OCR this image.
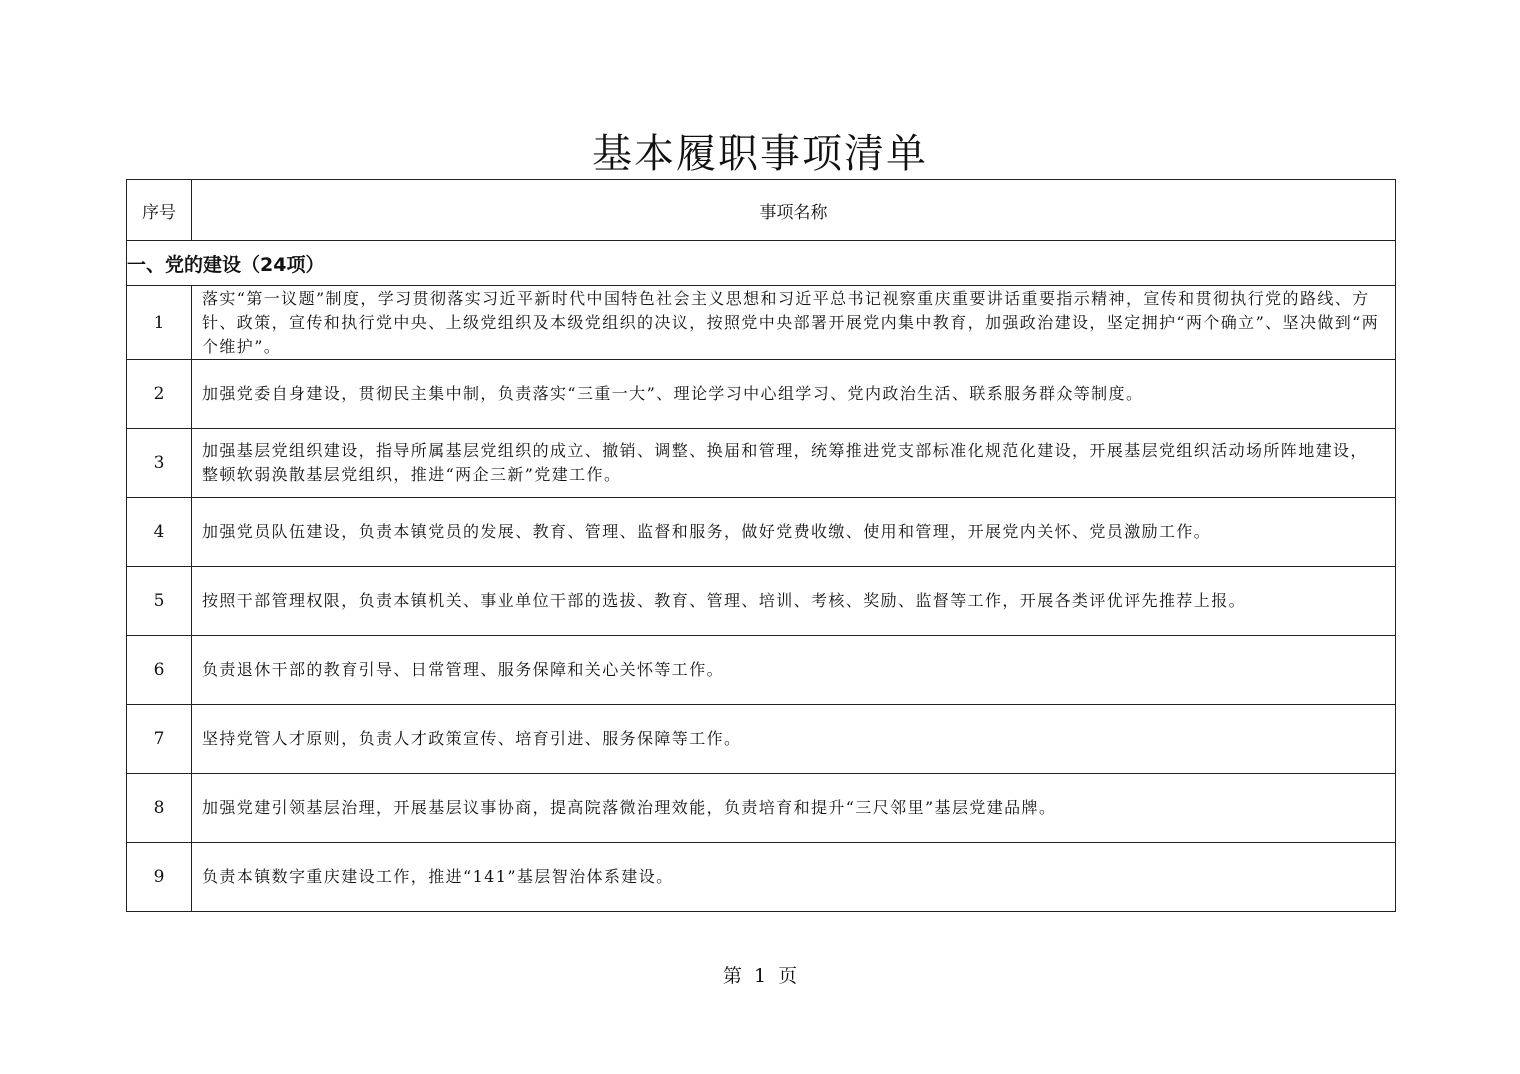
基本履职事项清单
序号	事项名称
一、党的建设（24项）	
1	落实“第一议题”制度，学习贯彻落实习近平新时代中国特色社会主义思想和习近平总书记视察重庆重要讲话重要指示精神，宣传和贯彻执行党的路线、方针、政策，宣传和执行党中央、上级党组织及本级党组织的决议，按照党中央部署开展党内集中教育，加强政治建设，坚定拥护“两个确立”、坚决做到“两个维护”。
2	加强党委自身建设，贯彻民主集中制，负责落实“三重一大”、理论学习中心组学习、党内政治生活、联系服务群众等制度。
3	加强基层党组织建设，指导所属基层党组织的成立、撤销、调整、换届和管理，统筹推进党支部标准化规范化建设，开展基层党组织活动场所阵地建设，整顿软弱涣散基层党组织，推进“两企三新”党建工作。
4	加强党员队伍建设，负责本镇党员的发展、教育、管理、监督和服务，做好党费收缴、使用和管理，开展党内关怀、党员激励工作。
5	按照干部管理权限，负责本镇机关、事业单位干部的选拔、教育、管理、培训、考核、奖励、监督等工作，开展各类评优评先推荐上报。
6	负责退休干部的教育引导、日常管理、服务保障和关心关怀等工作。
7	坚持党管人才原则，负责人才政策宣传、培育引进、服务保障等工作。
8	加强党建引领基层治理，开展基层议事协商，提高院落微治理效能，负责培育和提升“三尺邻里”基层党建品牌。
9	负责本镇数字重庆建设工作，推进“141”基层智治体系建设。
第 1 页
